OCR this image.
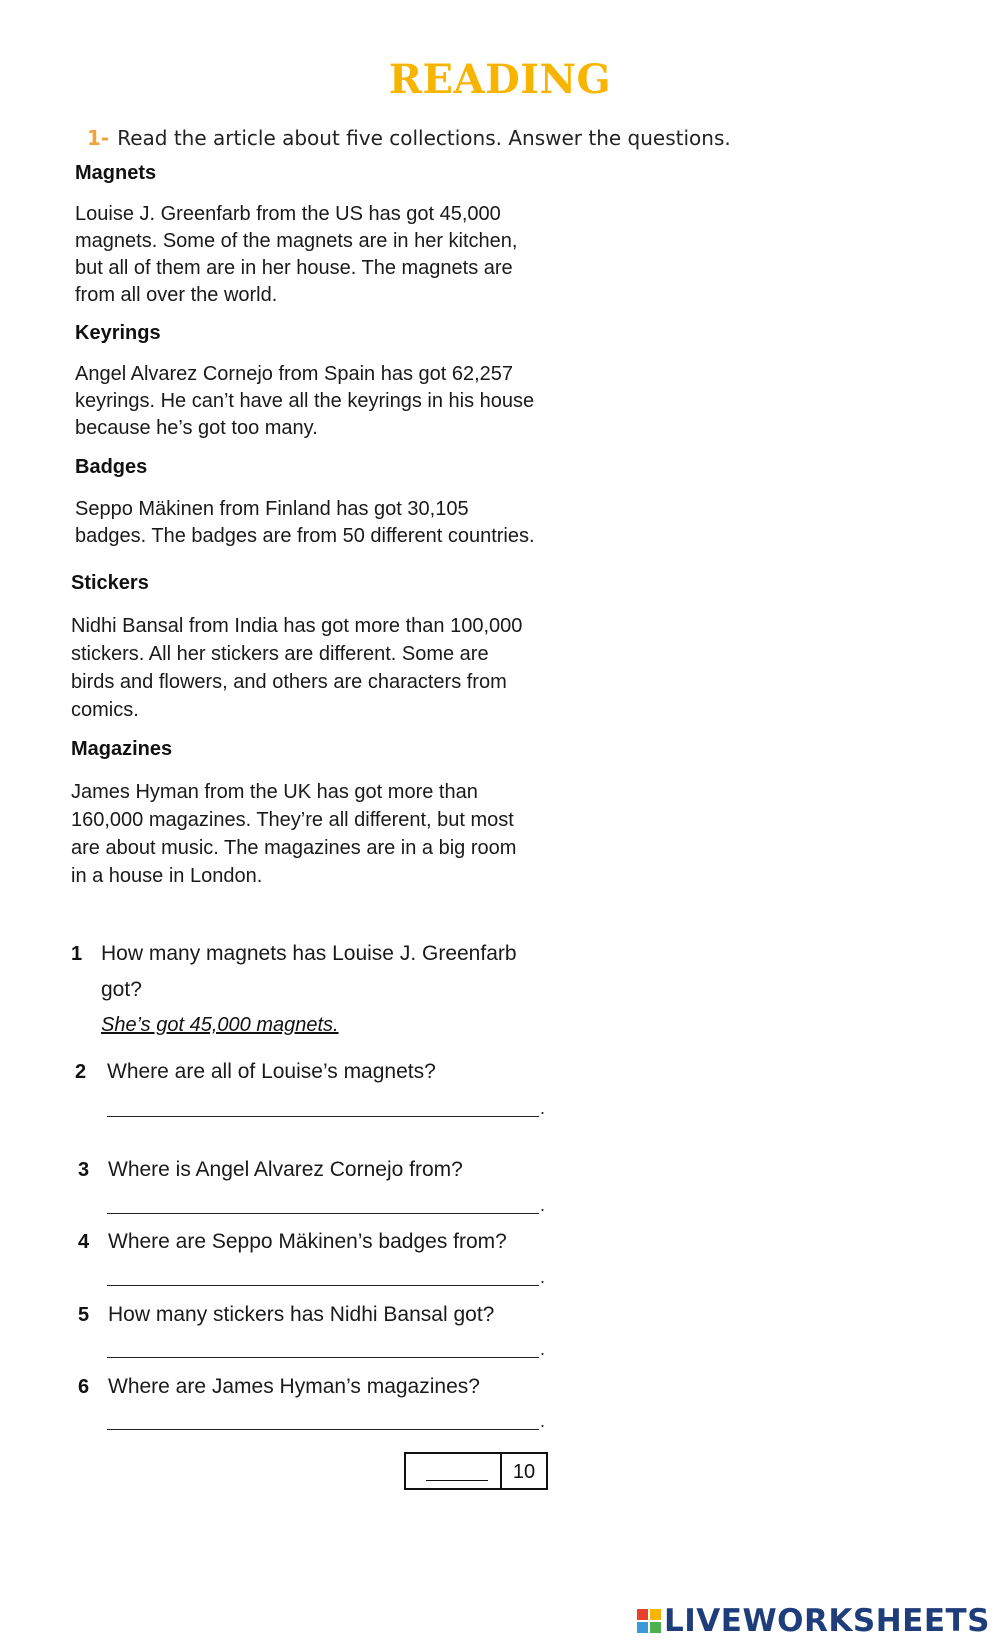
READING
1- Read the article about five collections. Answer the questions.
Magnets
Louise J. Greenfarb from the US has got 45,000
magnets. Some of the magnets are in her kitchen,
but all of them are in her house. The magnets are
from all over the world.
Keyrings
Angel Alvarez Cornejo from Spain has got 62,257
keyrings. He can’t have all the keyrings in his house
because he’s got too many.
Badges
Seppo Mäkinen from Finland has got 30,105
badges. The badges are from 50 different countries.
Stickers
Nidhi Bansal from India has got more than 100,000
stickers. All her stickers are different. Some are
birds and flowers, and others are characters from
comics.
Magazines
James Hyman from the UK has got more than
160,000 magazines. They’re all different, but most
are about music. The magazines are in a big room
in a house in London.
1 How many magnets has Louise J. Greenfarb
got?
She’s got 45,000 magnets.
2 Where are all of Louise’s magnets?
.
3 Where is Angel Alvarez Cornejo from?
.
4 Where are Seppo Mäkinen’s badges from?
.
5 How many stickers has Nidhi Bansal got?
.
6 Where are James Hyman’s magazines?
.
10
LIVEWORKSHEETS
